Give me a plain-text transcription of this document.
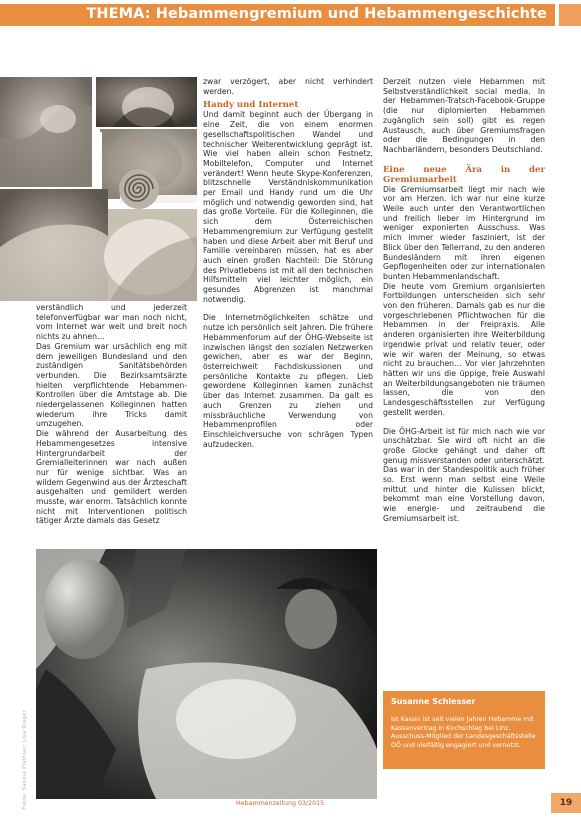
THEMA: Hebammengremium und Hebammengeschichte

verständlich und jederzeit telefonverfügbar war man noch nicht, vom Internet war weit und breit noch nichts zu ahnen…

Das Gremium war ursächlich eng mit dem jeweiligen Bundesland und den zuständigen Sanitätsbehörden verbunden. Die Bezirksamtsärzte hielten verpflichtende Hebammen-Kontrollen über die Amtstage ab. Die niedergelassenen Kolleginnen hatten wiederum ihre Tricks damit umzugehen.

Die während der Ausarbeitung des Hebammengesetzes intensive Hintergrundarbeit der Gremialleiterinnen war nach außen nur für wenige sichtbar. Was an wildem Gegenwind aus der Ärzteschaft ausgehalten und gemildert werden musste, war enorm. Tatsächlich konnte nicht mit Interventionen politisch tätiger Ärzte damals das Gesetz

zwar verzögert, aber nicht verhindert werden.

Handy und Internet

Und damit beginnt auch der Übergang in eine Zeit, die von einem enormen gesellschaftspolitischen Wandel und technischer Weiterentwicklung geprägt ist. Wie viel haben allein schon Festnetz, Mobiltelefon, Computer und Internet verändert! Wenn heute Skype-Konferenzen, blitzschnelle Verständniskommunikation per Email und Handy rund um die Uhr möglich und notwendig geworden sind, hat das große Vorteile. Für die Kolleginnen, die sich dem Österreichischen Hebammengremium zur Verfügung gestellt haben und diese Arbeit aber mit Beruf und Familie vereinbaren müssen, hat es aber auch einen großen Nachteil: Die Störung des Privatlebens ist mit all den technischen Hilfsmitteln viel leichter möglich, ein gesundes Abgrenzen ist manchmal notwendig.

Die Internetmöglichkeiten schätze und nutze ich persönlich seit Jahren. Die frühere Hebammenforum auf der ÖHG-Webseite ist inzwischen längst den sozialen Netzwerken gewichen, aber es war der Beginn, österreichweit Fachdiskussionen und persönliche Kontakte zu pflegen. Lieb gewordene Kolleginnen kamen zunächst über das Internet zusammen. Da galt es auch Grenzen zu ziehen und missbräuchliche Verwendung von Hebammenprofilen oder Einschleichversuche von schrägen Typen aufzudecken.

Derzeit nutzen viele Hebammen mit Selbstverständlichkeit social media. In der Hebammen-Tratsch-Facebook-Gruppe (die nur diplomierten Hebammen zugänglich sein soll) gibt es regen Austausch, auch über Gremiumsfragen oder die Bedingungen in den Nachbarländern, besonders Deutschland.

Eine neue Ära in der Gremiumarbeit

Die Gremiumsarbeit liegt mir nach wie vor am Herzen. Ich war nur eine kurze Weile auch unter den Verantwortlichen und freilich lieber im Hintergrund im weniger exponierten Ausschuss. Was mich immer wieder fasziniert, ist der Blick über den Tellerrand, zu den anderen Bundesländern mit ihren eigenen Gepflogenheiten oder zur internationalen bunten Hebammenlandschaft.

Die heute vom Gremium organisierten Fortbildungen unterscheiden sich sehr von den früheren. Damals gab es nur die vorgeschriebenen Pflichtwochen für die Hebammen in der Freipraxis. Alle anderen organisierten ihre Weiterbildung irgendwie privat und relativ teuer, oder wie wir waren der Meinung, so etwas nicht zu brauchen… Vor vier Jahrzehnten hätten wir uns die üppige, freie Auswahl an Weiterbildungsangeboten nie träumen lassen, die von den Landesgeschäftsstellen zur Verfügung gestellt werden.

Die ÖHG-Arbeit ist für mich nach wie vor unschätzbar. Sie wird oft nicht an die große Glocke gehängt und daher oft genug missverstanden oder unterschätzt. Das war in der Standespolitik auch früher so. Erst wenn man selbst eine Weile mittut und hinter die Kulissen blickt, bekommt man eine Vorstellung davon, wie energie- und zeitraubend die Gremiumsarbeit ist.

Fotos: Sabine Plattner; Lisa Rieger
Susanne Schlesser
Ist Kassin ist seit vielen Jahren Hebamme mit Kassenvertrag in Kirchschlag bei Linz. Ausschuss-Mitglied der Landesgeschäftsstelle OÖ und vielfältig engagiert und vernetzt.
Hebammenzeitung 03/2015	19
